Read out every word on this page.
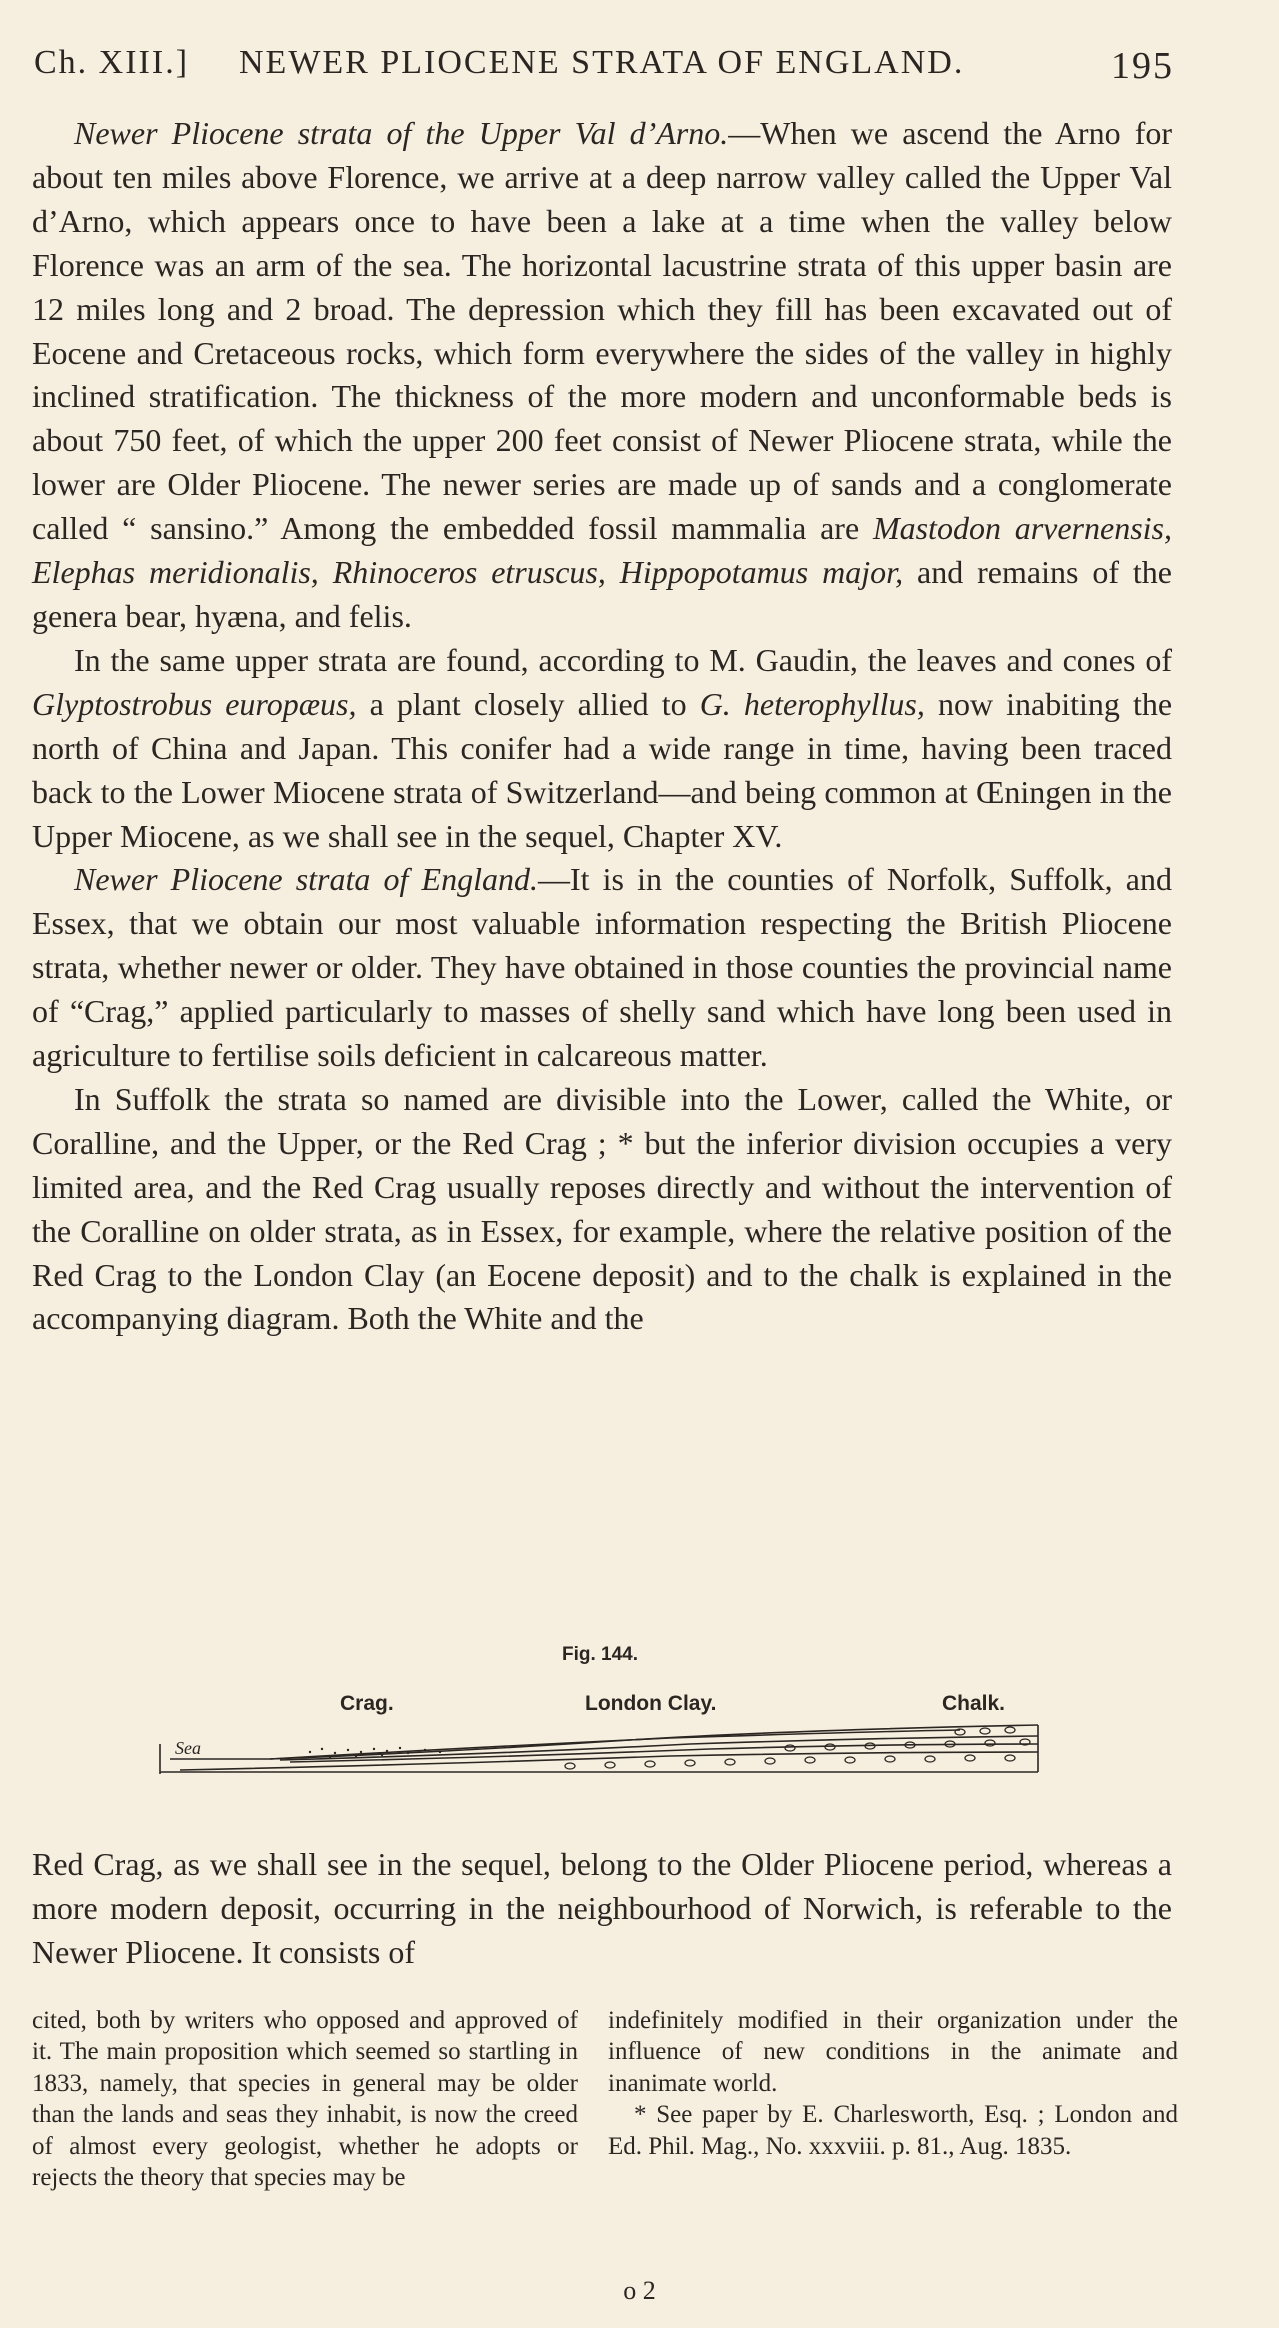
Ch. XIII.] NEWER PLIOCENE STRATA OF ENGLAND.	195

Newer Pliocene strata of the Upper Val d’Arno.—When we ascend the Arno for about ten miles above Florence, we arrive at a deep narrow valley called the Upper Val d’Arno, which appears once to have been a lake at a time when the valley below Florence was an arm of the sea. The horizontal lacustrine strata of this upper basin are 12 miles long and 2 broad. The depression which they fill has been excavated out of Eocene and Cretaceous rocks, which form everywhere the sides of the valley in highly inclined stratification. The thickness of the more modern and unconformable beds is about 750 feet, of which the upper 200 feet consist of Newer Pliocene strata, while the lower are Older Pliocene. The newer series are made up of sands and a conglomerate called “ sansino.” Among the embedded fossil mammalia are Mastodon arvernensis, Elephas meridionalis, Rhinoceros etruscus, Hippopotamus major, and remains of the genera bear, hyæna, and felis.

In the same upper strata are found, according to M. Gaudin, the leaves and cones of Glyptostrobus europæus, a plant closely allied to G. heterophyllus, now inabiting the north of China and Japan. This conifer had a wide range in time, having been traced back to the Lower Miocene strata of Switzerland—and being common at Œningen in the Upper Miocene, as we shall see in the sequel, Chapter XV.

Newer Pliocene strata of England.—It is in the counties of Norfolk, Suffolk, and Essex, that we obtain our most valuable information respecting the British Pliocene strata, whether newer or older. They have obtained in those counties the provincial name of “Crag,” applied particularly to masses of shelly sand which have long been used in agriculture to fertilise soils deficient in calcareous matter.

In Suffolk the strata so named are divisible into the Lower, called the White, or Coralline, and the Upper, or the Red Crag ; * but the inferior division occupies a very limited area, and the Red Crag usually reposes directly and without the intervention of the Coralline on older strata, as in Essex, for example, where the relative position of the Red Crag to the London Clay (an Eocene deposit) and to the chalk is explained in the accompanying diagram. Both the White and the

Fig. 144.
Crag.	London Clay.	Chalk.
Sea

Red Crag, as we shall see in the sequel, belong to the Older Pliocene period, whereas a more modern deposit, occurring in the neighbourhood of Norwich, is referable to the Newer Pliocene. It consists of

cited, both by writers who opposed and approved of it. The main proposition which seemed so startling in 1833, namely, that species in general may be older than the lands and seas they inhabit, is now the creed of almost every geologist, whether he adopts or rejects the theory that species may be

indefinitely modified in their organization under the influence of new conditions in the animate and inanimate world.

* See paper by E. Charlesworth, Esq. ; London and Ed. Phil. Mag., No. xxxviii. p. 81., Aug. 1835.

o 2
